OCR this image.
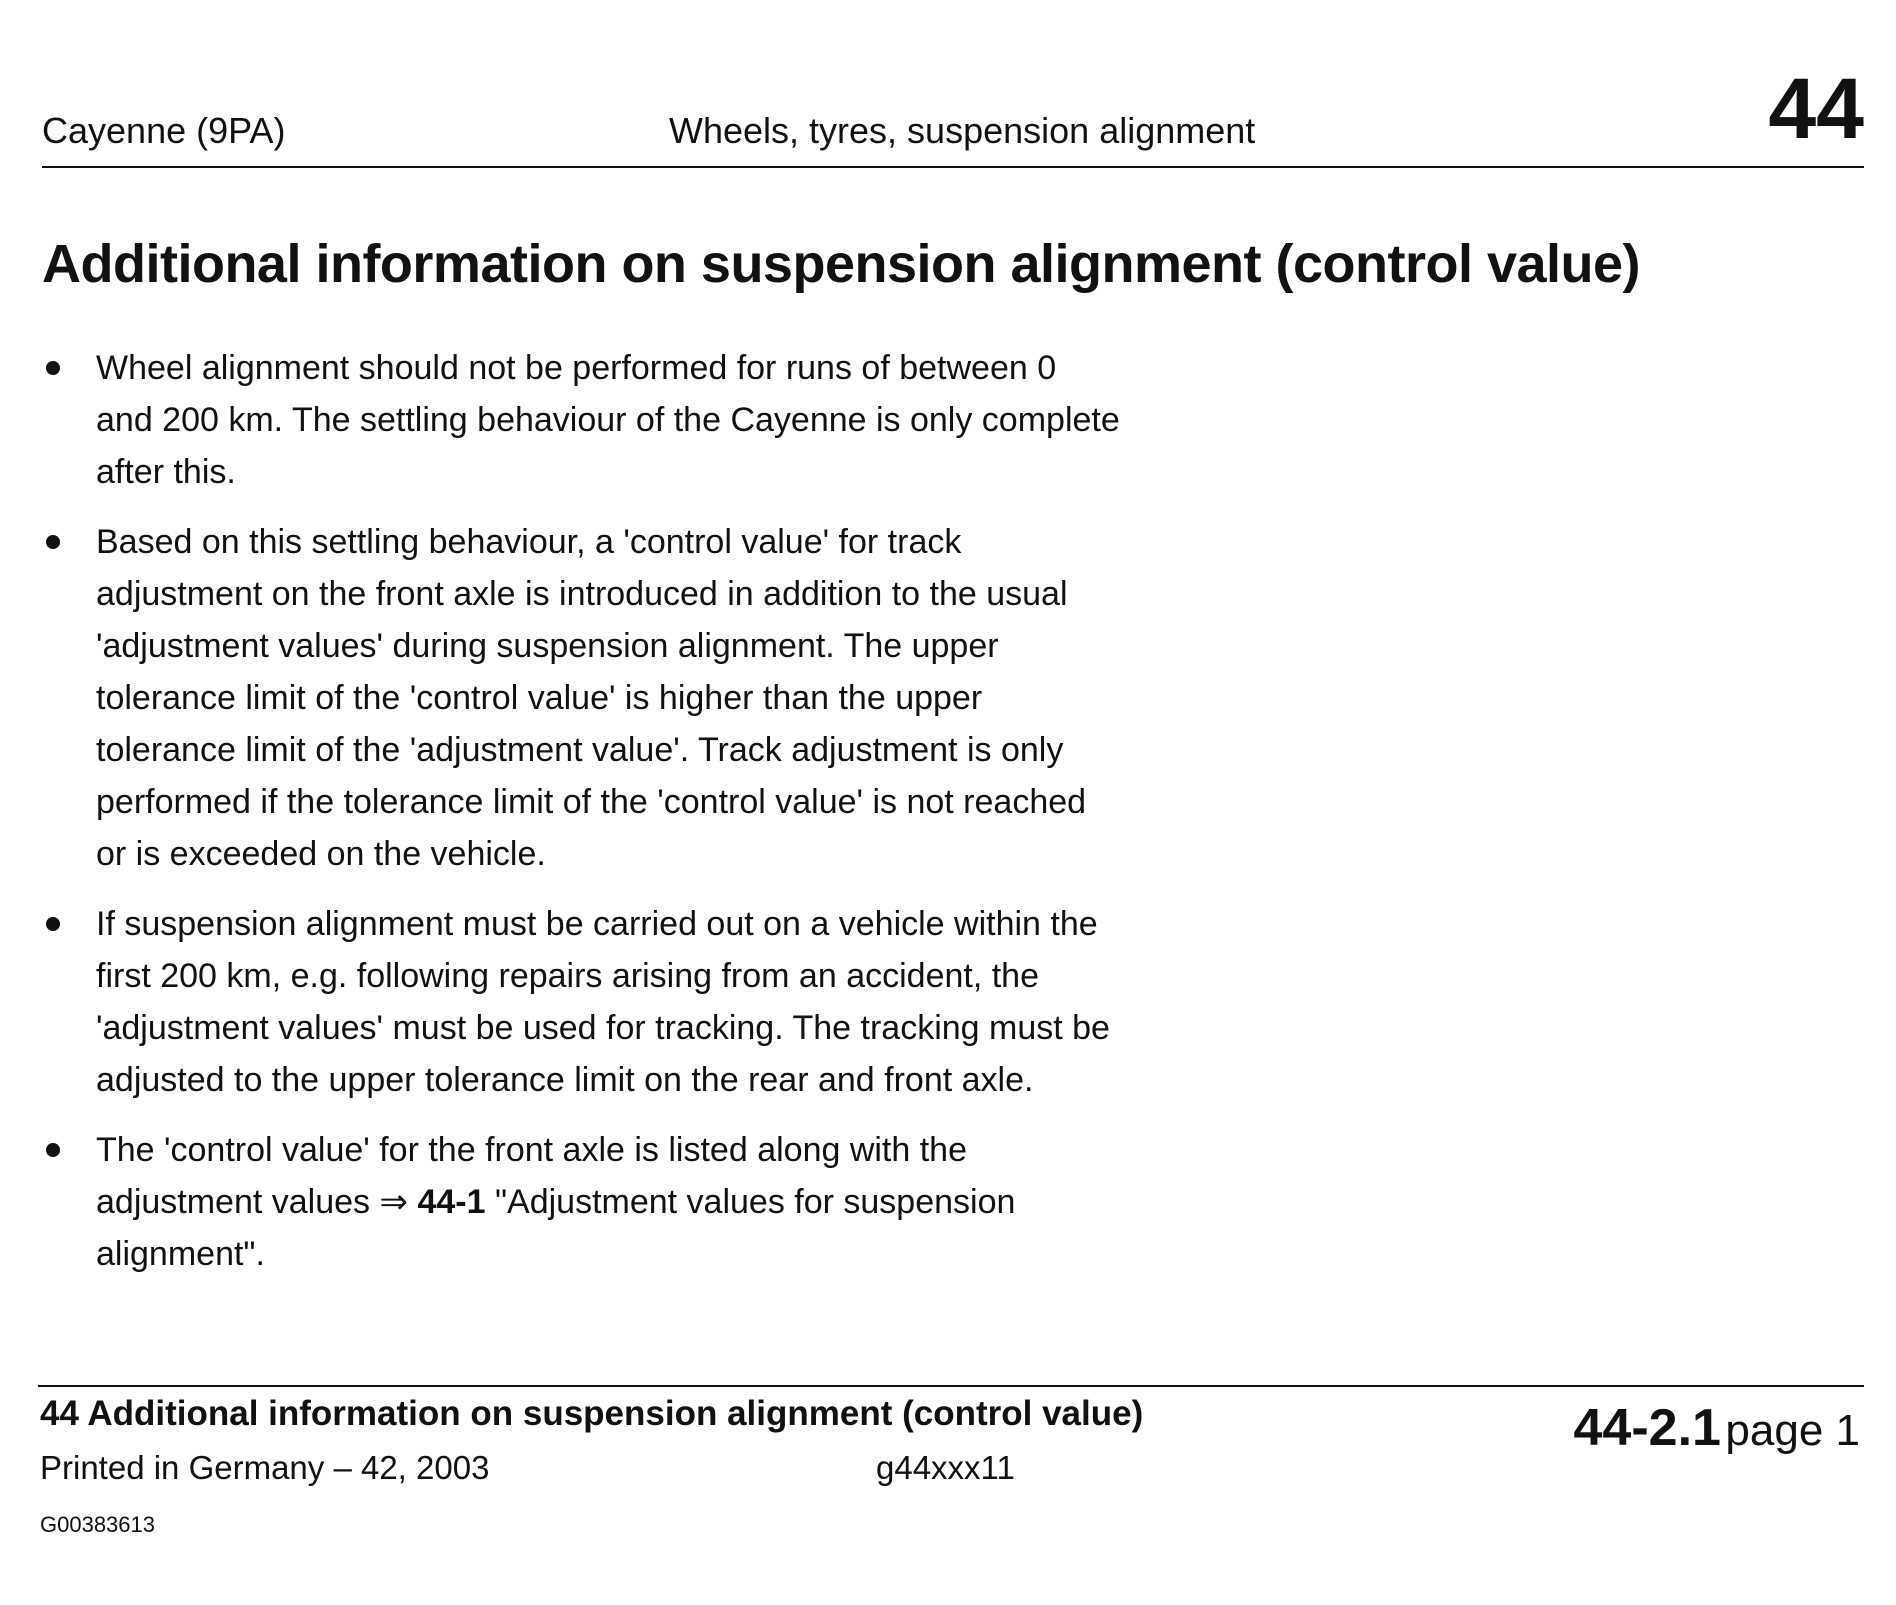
Cayenne (9PA)	Wheels, tyres, suspension alignment	44
Additional information on suspension alignment (control value)
Wheel alignment should not be performed for runs of between 0 and 200 km. The settling behaviour of the Cayenne is only complete after this.
Based on this settling behaviour, a 'control value' for track adjustment on the front axle is introduced in addition to the usual 'adjustment values' during suspension alignment. The upper tolerance limit of the 'control value' is higher than the upper tolerance limit of the 'adjustment value'. Track adjustment is only performed if the tolerance limit of the 'control value' is not reached or is exceeded on the vehicle.
If suspension alignment must be carried out on a vehicle within the first 200 km, e.g. following repairs arising from an accident, the 'adjustment values' must be used for tracking. The tracking must be adjusted to the upper tolerance limit on the rear and front axle.
The 'control value' for the front axle is listed along with the adjustment values ⇒ 44-1 "Adjustment values for suspension alignment".
44 Additional information on suspension alignment (control value)
Printed in Germany – 42, 2003	g44xxx11
G00383613
44-2.1 page 1
